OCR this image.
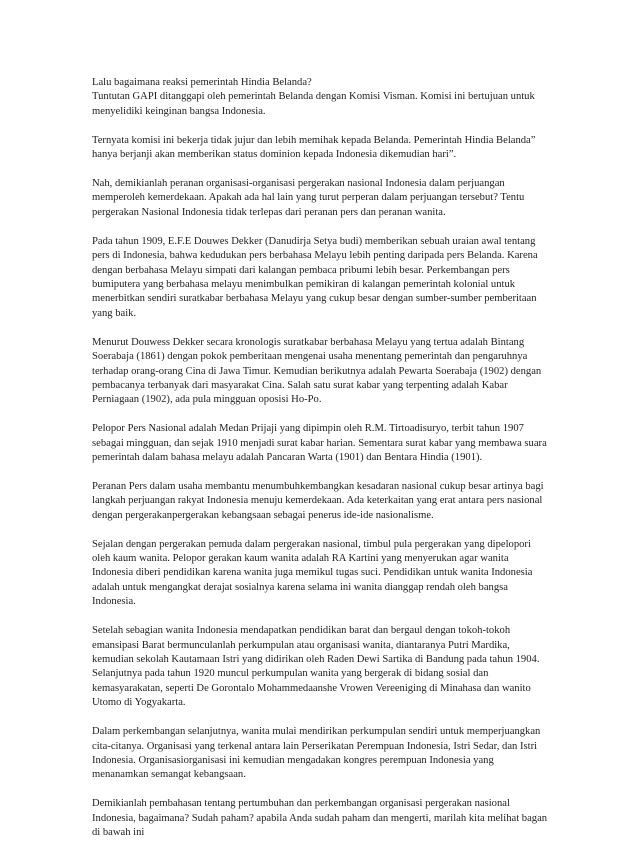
Lalu bagaimana reaksi pemerintah Hindia Belanda?
Tuntutan GAPI ditanggapi oleh pemerintah Belanda dengan Komisi Visman. Komisi ini bertujuan untuk
menyelidiki keinginan bangsa Indonesia.

Ternyata komisi ini bekerja tidak jujur dan lebih memihak kepada Belanda. Pemerintah Hindia Belanda”
hanya berjanji akan memberikan status dominion kepada Indonesia dikemudian hari”.

Nah, demikianlah peranan organisasi-organisasi pergerakan nasional Indonesia dalam perjuangan
memperoleh kemerdekaan. Apakah ada hal lain yang turut perperan dalam perjuangan tersebut? Tentu
pergerakan Nasional Indonesia tidak terlepas dari peranan pers dan peranan wanita.

Pada tahun 1909, E.F.E Douwes Dekker (Danudirja Setya budi) memberikan sebuah uraian awal tentang
pers di Indonesia, bahwa kedudukan pers berbahasa Melayu lebih penting daripada pers Belanda. Karena
dengan berbahasa Melayu simpati dari kalangan pembaca pribumi lebih besar. Perkembangan pers
bumiputera yang berbahasa melayu menimbulkan pemikiran di kalangan pemerintah kolonial untuk
menerbitkan sendiri suratkabar berbahasa Melayu yang cukup besar dengan sumber-sumber pemberitaan
yang baik.

Menurut Douwess Dekker secara kronologis suratkabar berbahasa Melayu yang tertua adalah Bintang
Soerabaja (1861) dengan pokok pemberitaan mengenai usaha menentang pemerintah dan pengaruhnya
terhadap orang-orang Cina di Jawa Timur. Kemudian berikutnya adalah Pewarta Soerabaja (1902) dengan
pembacanya terbanyak dari masyarakat Cina. Salah satu surat kabar yang terpenting adalah Kabar
Perniagaan (1902), ada pula mingguan oposisi Ho-Po.

Pelopor Pers Nasional adalah Medan Prijaji yang dipimpin oleh R.M. Tirtoadisuryo, terbit tahun 1907
sebagai mingguan, dan sejak 1910 menjadi surat kabar harian. Sementara surat kabar yang membawa suara
pemerintah dalam bahasa melayu adalah Pancaran Warta (1901) dan Bentara Hindia (1901).

Peranan Pers dalam usaha membantu menumbuhkembangkan kesadaran nasional cukup besar artinya bagi
langkah perjuangan rakyat Indonesia menuju kemerdekaan. Ada keterkaitan yang erat antara pers nasional
dengan pergerakanpergerakan kebangsaan sebagai penerus ide-ide nasionalisme.

Sejalan dengan pergerakan pemuda dalam pergerakan nasional, timbul pula pergerakan yang dipelopori
oleh kaum wanita. Pelopor gerakan kaum wanita adalah RA Kartini yang menyerukan agar wanita
Indonesia diberi pendidikan karena wanita juga memikul tugas suci. Pendidikan untuk wanita Indonesia
adalah untuk mengangkat derajat sosialnya karena selama ini wanita dianggap rendah oleh bangsa
Indonesia.

Setelah sebagian wanita Indonesia mendapatkan pendidikan barat dan bergaul dengan tokoh-tokoh
emansipasi Barat bermunculanlah perkumpulan atau organisasi wanita, diantaranya Putri Mardika,
kemudian sekolah Kautamaan Istri yang didirikan oleh Raden Dewi Sartika di Bandung pada tahun 1904.
Selanjutnya pada tahun 1920 muncul perkumpulan wanita yang bergerak di bidang sosial dan
kemasyarakatan, seperti De Gorontalo Mohammedaanshe Vrowen Vereeniging di Minahasa dan wanito
Utomo di Yogyakarta.

Dalam perkembangan selanjutnya, wanita mulai mendirikan perkumpulan sendiri untuk memperjuangkan
cita-citanya. Organisasi yang terkenal antara lain Perserikatan Perempuan Indonesia, Istri Sedar, dan Istri
Indonesia. Organisasiorganisasi ini kemudian mengadakan kongres perempuan Indonesia yang
menanamkan semangat kebangsaan.

Demikianlah pembahasan tentang pertumbuhan dan perkembangan organisasi pergerakan nasional
Indonesia, bagaimana? Sudah paham? apabila Anda sudah paham dan mengerti, marilah kita melihat bagan
di bawah ini
